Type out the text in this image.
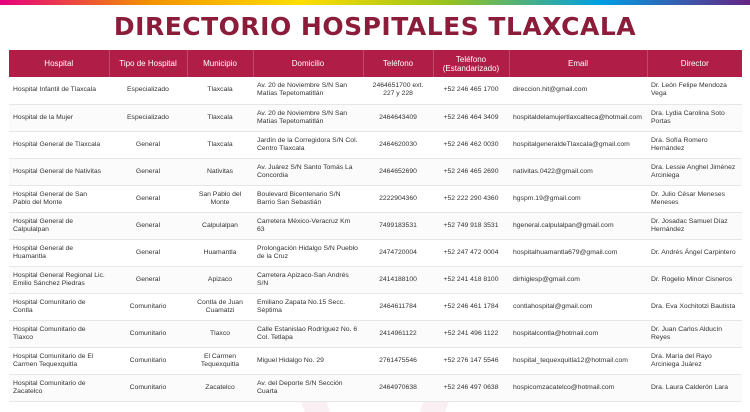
DIRECTORIO HOSPITALES TLAXCALA
Hospital	Tipo de Hospital	Municipio	Domicilio	Teléfono	Teléfono (Estandarizado)	Email	Director
Hospital Infantil de Tlaxcala	Especializado	Tlaxcala	Av. 20 de Noviembre S/N San Matías Tepetomatitlán	2464651700 ext. 227 y 228	+52 246 465 1700	direccion.hit@gmail.com	Dr. León Felipe Mendoza Vega
Hospital de la Mujer	Especializado	Tlaxcala	Av. 20 de Noviembre S/N San Matías Tepetomatitlán	2464643409	+52 246 464 3409	hospitaldelamujertlaxcalteca@hotmail.com	Dra. Lydia Carolina Soto Portas
Hospital General de Tlaxcala	General	Tlaxcala	Jardín de la Corregidora S/N Col. Centro Tlaxcala	2464620030	+52 246 462 0030	hospitalgeneraldeTlaxcala@gmail.com	Dra. Sofía Romero Hernández
Hospital General de Nativitas	General	Nativitas	Av. Juárez S/N Santo Tomás La Concordia	2464652690	+52 246 465 2690	nativitas.0422@gmail.com	Dra. Lessie Anghel Jiménez Arciniega
Hospital General de San Pablo del Monte	General	San Pablo del Monte	Boulevard Bicentenario S/N Barrio San Sebastián	2222904360	+52 222 290 4360	hgspm.19@gmail.com	Dr. Julio César Meneses Meneses
Hospital General de Calpulalpan	General	Calpulalpan	Carretera México-Veracruz Km 63	7499183531	+52 749 918 3531	hgeneral.calpulalpan@gmail.com	Dr. Josadac Samuel Díaz Hernández
Hospital General de Huamantla	General	Huamantla	Prolongación Hidalgo S/N Pueblo de la Cruz	2474720004	+52 247 472 0004	hospitalhuamantla679@gmail.com	Dr. Andrés Ángel Carpintero
Hospital General Regional Lic. Emilio Sánchez Piedras	General	Apizaco	Carretera Apizaco-San Andrés S/N	2414188100	+52 241 418 8100	dirhiglesp@gmail.com	Dr. Rogelio Minor Cisneros
Hospital Comunitario de Contla	Comunitario	Contla de Juan Cuamatzi	Emiliano Zapata No.15 Secc. Séptima	2464611784	+52 246 461 1784	contlahospital@gmail.com	Dra. Eva Xochitotzi Bautista
Hospital Comunitario de Tlaxco	Comunitario	Tlaxco	Calle Estanislao Rodríguez No. 6 Col. Tetlapa	2414961122	+52 241 496 1122	hospitalcontla@hotmail.com	Dr. Juan Carlos Alducín Reyes
Hospital Comunitario de El Carmen Tequexquitla	Comunitario	El Carmen Tequexquitla	Miguel Hidalgo No. 29	2761475546	+52 276 147 5546	hospital_tequexquitla12@hotmail.com	Dra. María del Rayo Arciniega Juárez
Hospital Comunitario de Zacatelco	Comunitario	Zacatelco	Av. del Deporte S/N Sección Cuarta	2464970638	+52 246 497 0638	hospicomzacatelco@hotmail.com	Dra. Laura Calderón Lara
